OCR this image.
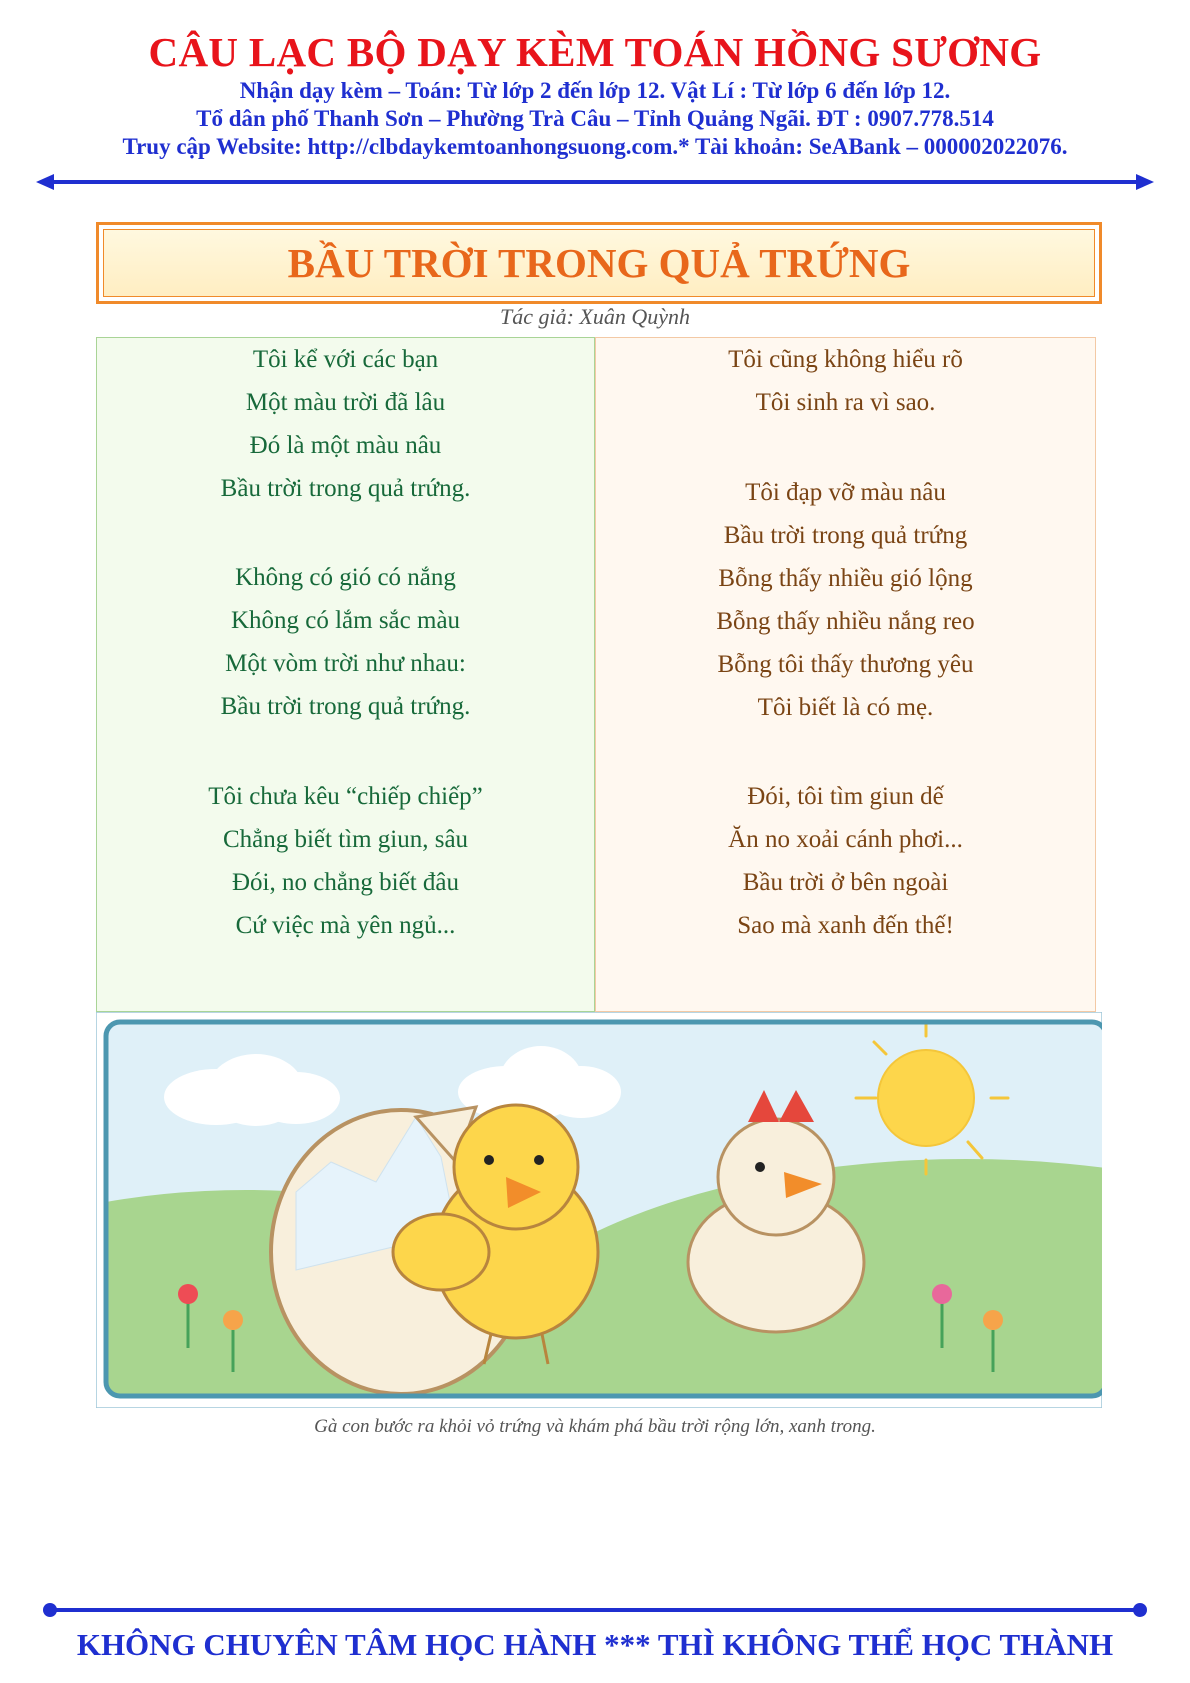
CÂU LẠC BỘ DẠY KÈM TOÁN HỒNG SƯƠNG
Nhận dạy kèm – Toán: Từ lớp 2 đến lớp 12. Vật Lí : Từ lớp 6 đến lớp 12.
Tổ dân phố Thanh Sơn – Phường Trà Câu – Tỉnh Quảng Ngãi. ĐT : 0907.778.514
Truy cập Website: http://clbdaykemtoanhongsuong.com.* Tài khoản: SeABank – 000002022076.
BẦU TRỜI TRONG QUẢ TRỨNG
Tác giả: Xuân Quỳnh
Tôi kể với các bạn
Một màu trời đã lâu
Đó là một màu nâu
Bầu trời trong quả trứng.
Không có gió có nắng
Không có lắm sắc màu
Một vòm trời như nhau:
Bầu trời trong quả trứng.
Tôi chưa kêu “chiếp chiếp”
Chẳng biết tìm giun, sâu
Đói, no chẳng biết đâu
Cứ việc mà yên ngủ...
Tôi cũng không hiểu rõ
Tôi sinh ra vì sao.
Tôi đạp vỡ màu nâu
Bầu trời trong quả trứng
Bỗng thấy nhiều gió lộng
Bỗng thấy nhiều nắng reo
Bỗng tôi thấy thương yêu
Tôi biết là có mẹ.
Đói, tôi tìm giun dế
Ăn no xoải cánh phơi...
Bầu trời ở bên ngoài
Sao mà xanh đến thế!
Gà con bước ra khỏi vỏ trứng và khám phá bầu trời rộng lớn, xanh trong.
KHÔNG CHUYÊN TÂM HỌC HÀNH *** THÌ KHÔNG THỂ HỌC THÀNH
